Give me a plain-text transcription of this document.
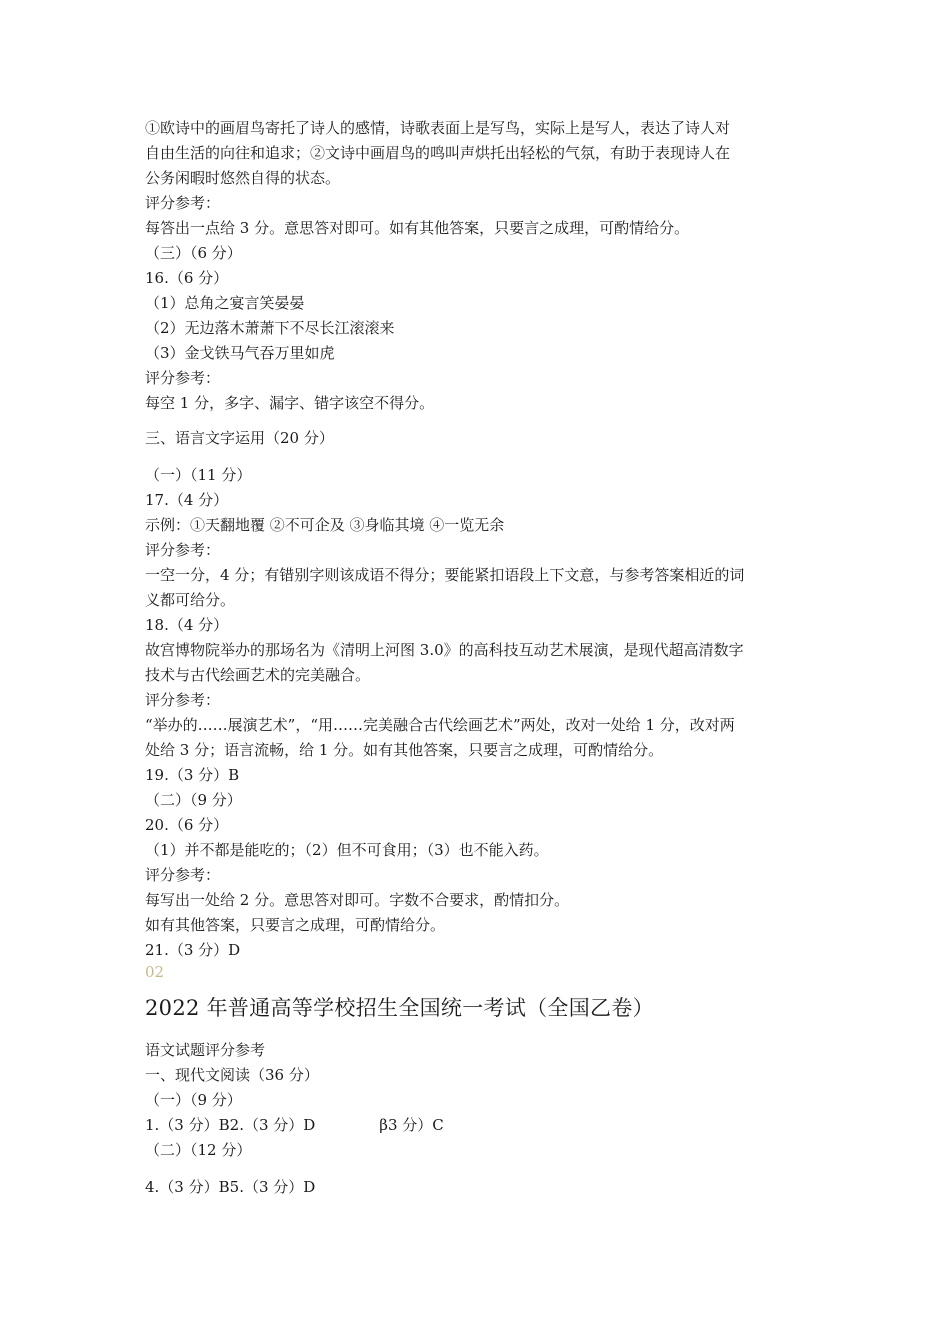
①欧诗中的画眉鸟寄托了诗人的感情，诗歌表面上是写鸟，实际上是写人，表达了诗人对
自由生活的向往和追求；②文诗中画眉鸟的鸣叫声烘托出轻松的气氛，有助于表现诗人在
公务闲暇时悠然自得的状态。
评分参考：
每答出一点给 3 分。意思答对即可。如有其他答案，只要言之成理，可酌情给分。
（三）（6 分）
16.（6 分）
（1）总角之宴言笑晏晏
（2）无边落木萧萧下不尽长江滚滚来
（3）金戈铁马气吞万里如虎
评分参考：
每空 1 分，多字、漏字、错字该空不得分。
三、语言文字运用（20 分）
（一）（11 分）
17.（4 分）
示例：①天翻地覆 ②不可企及 ③身临其境 ④一览无余
评分参考：
一空一分，4 分；有错别字则该成语不得分；要能紧扣语段上下文意，与参考答案相近的词
义都可给分。
18.（4 分）
故宫博物院举办的那场名为《清明上河图 3.0》的高科技互动艺术展演，是现代超高清数字
技术与古代绘画艺术的完美融合。
评分参考：
“举办的……展演艺术”，“用……完美融合古代绘画艺术”两处，改对一处给 1 分，改对两
处给 3 分；语言流畅，给 1 分。如有其他答案，只要言之成理，可酌情给分。
19.（3 分）B
（二）（9 分）
20.（6 分）
（1）并不都是能吃的；（2）但不可食用；（3）也不能入药。
评分参考：
每写出一处给 2 分。意思答对即可。字数不合要求，酌情扣分。
如有其他答案，只要言之成理，可酌情给分。
21.（3 分）D
02
2022 年普通高等学校招生全国统一考试（全国乙卷）
语文试题评分参考
一、现代文阅读（36 分）
（一）（9 分）
1.（3 分）B2.（3 分）D	β3 分）C
（二）（12 分）
4.（3 分）B5.（3 分）D
